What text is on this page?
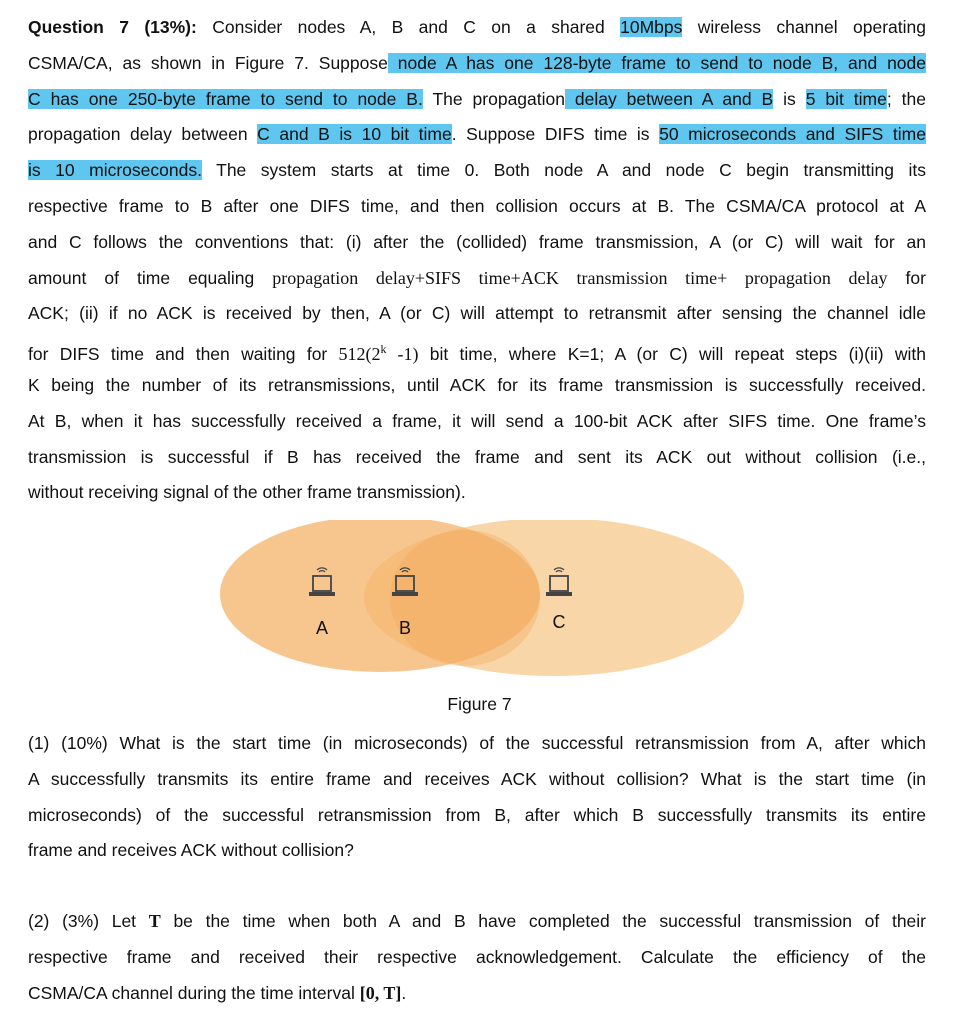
Question 7 (13%): Consider nodes A, B and C on a shared 10Mbps wireless channel operating
CSMA/CA, as shown in Figure 7. Suppose node A has one 128-byte frame to send to node B, and node
C has one 250-byte frame to send to node B. The propagation delay between A and B is 5 bit time; the
propagation delay between C and B is 10 bit time. Suppose DIFS time is 50 microseconds and SIFS time
is 10 microseconds. The system starts at time 0. Both node A and node C begin transmitting its
respective frame to B after one DIFS time, and then collision occurs at B. The CSMA/CA protocol at A
and C follows the conventions that: (i) after the (collided) frame transmission, A (or C) will wait for an
amount of time equaling propagation delay+SIFS time+ACK transmission time+ propagation delay for
ACK; (ii) if no ACK is received by then, A (or C) will attempt to retransmit after sensing the channel idle
for DIFS time and then waiting for 512(2$^k$ -1) bit time, where K=1; A (or C) will repeat steps (i)(ii) with
K being the number of its retransmissions, until ACK for its frame transmission is successfully received.
At B, when it has successfully received a frame, it will send a 100-bit ACK after SIFS time. One frame’s
transmission is successful if B has received the frame and sent its ACK out without collision (i.e.,
without receiving signal of the other frame transmission).
A	B	C
Figure 7
(1) (10%) What is the start time (in microseconds) of the successful retransmission from A, after which
A successfully transmits its entire frame and receives ACK without collision? What is the start time (in
microseconds) of the successful retransmission from B, after which B successfully transmits its entire
frame and receives ACK without collision?
(2) (3%) Let T be the time when both A and B have completed the successful transmission of their
respective frame and received their respective acknowledgement. Calculate the efficiency of the
CSMA/CA channel during the time interval [0, T].
